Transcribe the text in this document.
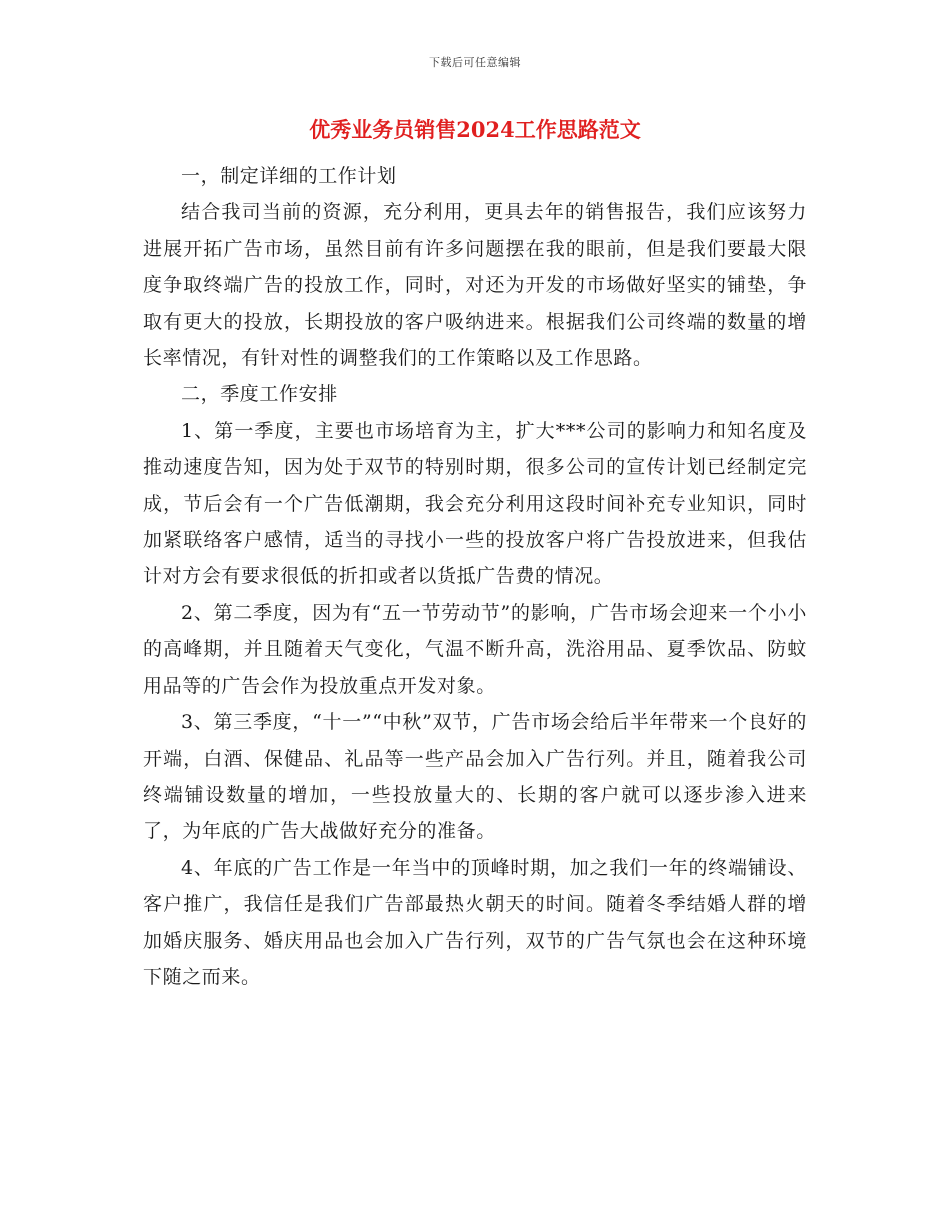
下载后可任意编辑
优秀业务员销售2024工作思路范文

一，制定详细的工作计划

结合我司当前的资源，充分利用，更具去年的销售报告，我们应该努力进展开拓广告市场，虽然目前有许多问题摆在我的眼前，但是我们要最大限度争取终端广告的投放工作，同时，对还为开发的市场做好坚实的铺垫，争取有更大的投放，长期投放的客户吸纳进来。根据我们公司终端的数量的增长率情况，有针对性的调整我们的工作策略以及工作思路。

二，季度工作安排

1、第一季度，主要也市场培育为主，扩大***公司的影响力和知名度及推动速度告知，因为处于双节的特别时期，很多公司的宣传计划已经制定完成，节后会有一个广告低潮期，我会充分利用这段时间补充专业知识，同时加紧联络客户感情，适当的寻找小一些的投放客户将广告投放进来，但我估计对方会有要求很低的折扣或者以货抵广告费的情况。

2、第二季度，因为有“五一节劳动节”的影响，广告市场会迎来一个小小的高峰期，并且随着天气变化，气温不断升高，洗浴用品、夏季饮品、防蚊用品等的广告会作为投放重点开发对象。

3、第三季度，“十一”“中秋”双节，广告市场会给后半年带来一个良好的开端，白酒、保健品、礼品等一些产品会加入广告行列。并且，随着我公司终端铺设数量的增加，一些投放量大的、长期的客户就可以逐步渗入进来了，为年底的广告大战做好充分的准备。

4、年底的广告工作是一年当中的顶峰时期，加之我们一年的终端铺设、客户推广，我信任是我们广告部最热火朝天的时间。随着冬季结婚人群的增加婚庆服务、婚庆用品也会加入广告行列，双节的广告气氛也会在这种环境下随之而来。
